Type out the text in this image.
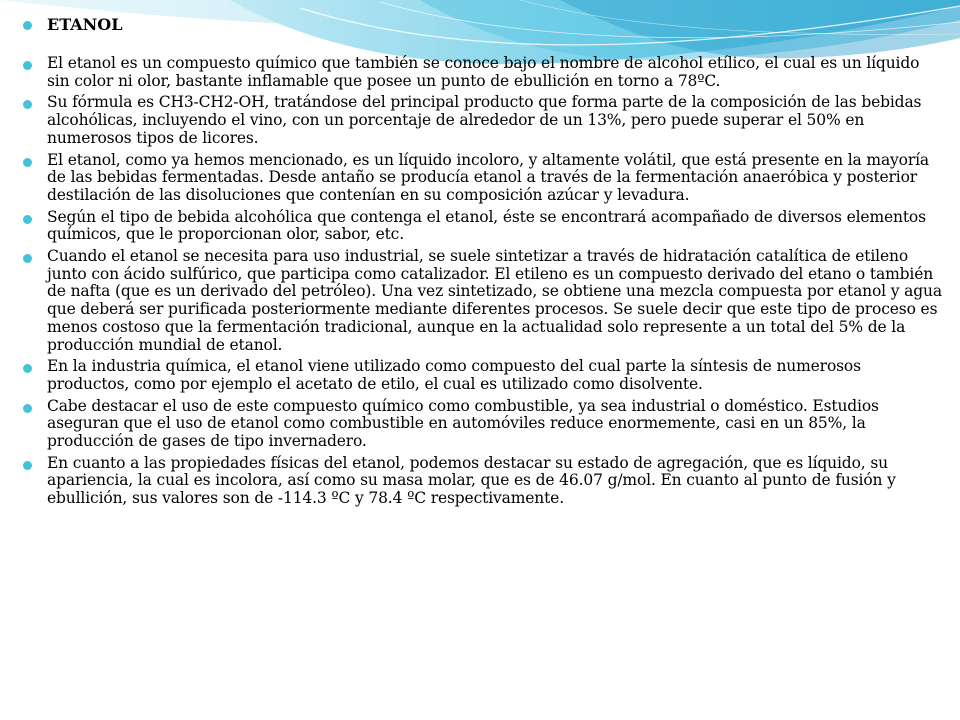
ETANOL
El etanol es un compuesto químico que también se conoce bajo el nombre de alcohol etílico, el cual es un líquido sin color ni olor, bastante inflamable que posee un punto de ebullición en torno a 78ºC.
Su fórmula es CH3-CH2-OH, tratándose del principal producto que forma parte de la composición de las bebidas alcohólicas, incluyendo el vino, con un porcentaje de alrededor de un 13%, pero puede superar el 50% en numerosos tipos de licores.
El etanol, como ya hemos mencionado, es un líquido incoloro, y altamente volátil, que está presente en la mayoría de las bebidas fermentadas. Desde antaño se producía etanol a través de la fermentación anaeróbica y posterior destilación de las disoluciones que contenían en su composición azúcar y levadura.
Según el tipo de bebida alcohólica que contenga el etanol, éste se encontrará acompañado de diversos elementos químicos, que le proporcionan olor, sabor, etc.
Cuando el etanol se necesita para uso industrial, se suele sintetizar a través de hidratación catalítica de etileno junto con ácido sulfúrico, que participa como catalizador. El etileno es un compuesto derivado del etano o también de nafta (que es un derivado del petróleo). Una vez sintetizado, se obtiene una mezcla compuesta por etanol y agua que deberá ser purificada posteriormente mediante diferentes procesos. Se suele decir que este tipo de proceso es menos costoso que la fermentación tradicional, aunque en la actualidad solo represente a un total del 5% de la producción mundial de etanol.
En la industria química, el etanol viene utilizado como compuesto del cual parte la síntesis de numerosos productos, como por ejemplo el acetato de etilo, el cual es utilizado como disolvente.
Cabe destacar el uso de este compuesto químico como combustible, ya sea industrial o doméstico. Estudios aseguran que el uso de etanol como combustible en automóviles reduce enormemente, casi en un 85%, la producción de gases de tipo invernadero.
En cuanto a las propiedades físicas del etanol, podemos destacar su estado de agregación, que es líquido, su apariencia, la cual es incolora, así como su masa molar, que es de 46.07 g/mol. En cuanto al punto de fusión y ebullición, sus valores son de -114.3 ºC y 78.4 ºC respectivamente.
